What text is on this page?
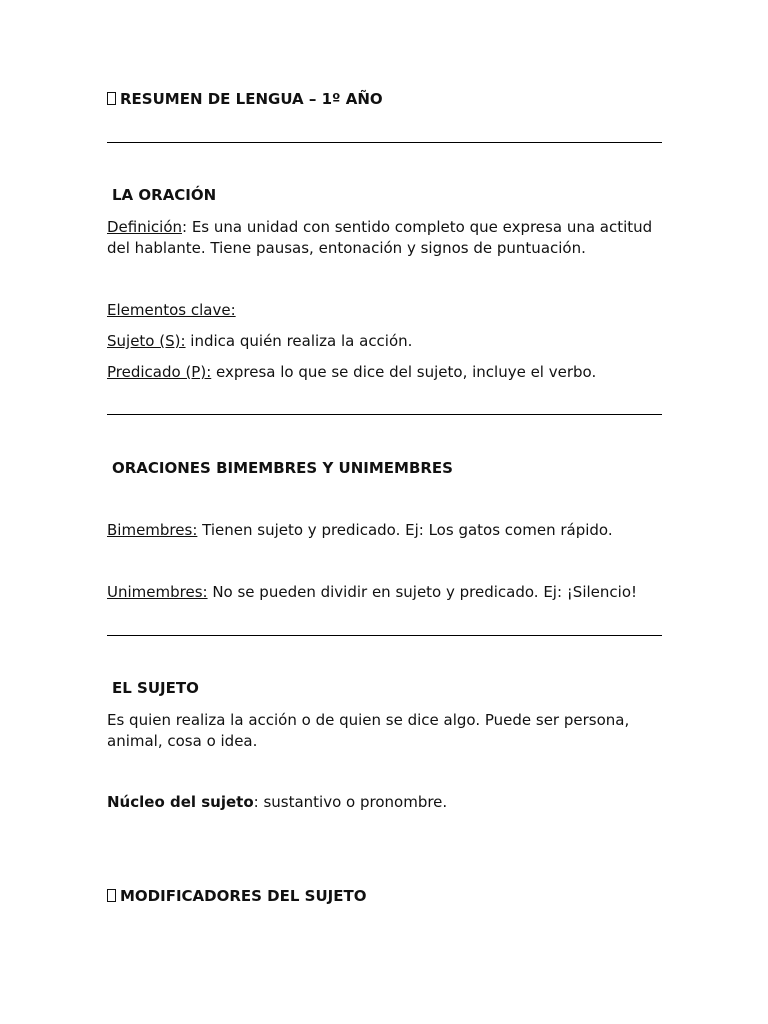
RESUMEN DE LENGUA – 1º AÑO

LA ORACIÓN

Definición: Es una unidad con sentido completo que expresa una actitud del hablante. Tiene pausas, entonación y signos de puntuación.

Elementos clave:

Sujeto (S): indica quién realiza la acción.

Predicado (P): expresa lo que se dice del sujeto, incluye el verbo.

ORACIONES BIMEMBRES Y UNIMEMBRES

Bimembres: Tienen sujeto y predicado. Ej: Los gatos comen rápido.

Unimembres: No se pueden dividir en sujeto y predicado. Ej: ¡Silencio!

EL SUJETO

Es quien realiza la acción o de quien se dice algo. Puede ser persona, animal, cosa o idea.

Núcleo del sujeto: sustantivo o pronombre.

MODIFICADORES DEL SUJETO
